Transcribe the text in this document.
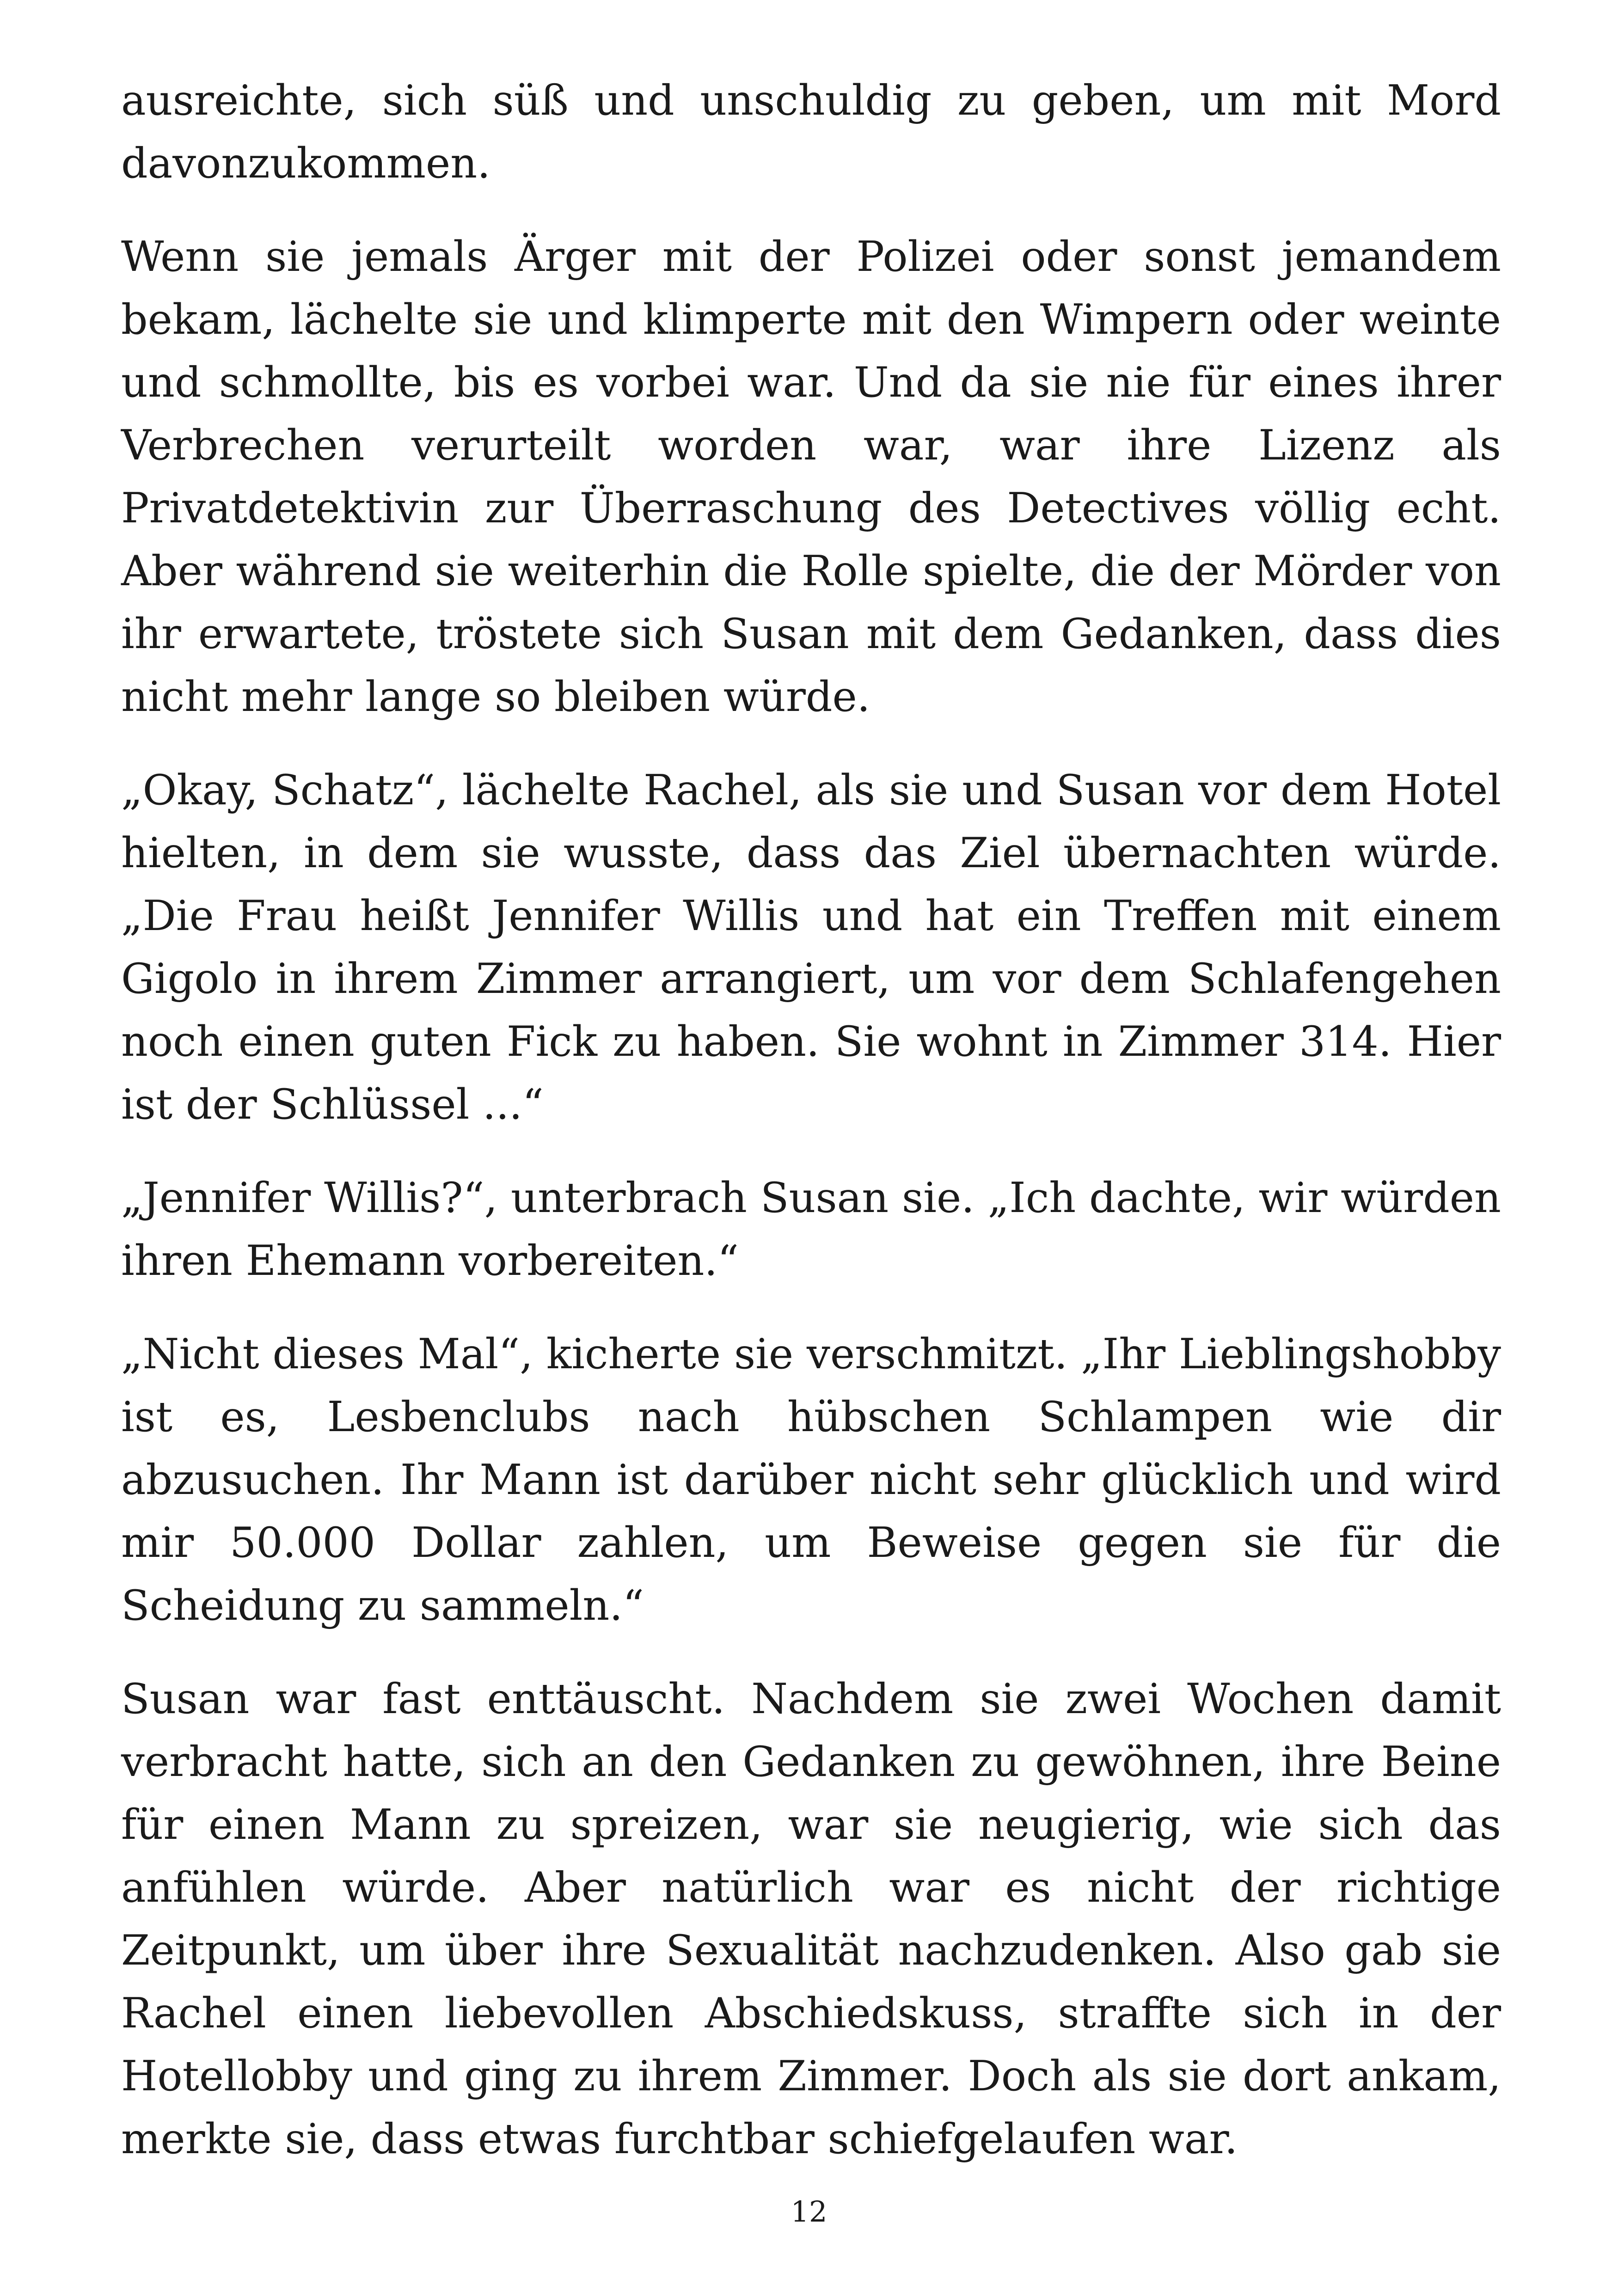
ausreichte, sich süß und unschuldig zu geben, um mit Mord davonzukommen.

Wenn sie jemals Ärger mit der Polizei oder sonst jemandem bekam, lächelte sie und klimperte mit den Wimpern oder weinte und schmollte, bis es vorbei war. Und da sie nie für eines ihrer Verbrechen verurteilt worden war, war ihre Lizenz als Privatdetektivin zur Überraschung des Detectives völlig echt. Aber während sie weiterhin die Rolle spielte, die der Mörder von ihr erwartete, tröstete sich Susan mit dem Gedanken, dass dies nicht mehr lange so bleiben würde.

„Okay, Schatz“, lächelte Rachel, als sie und Susan vor dem Hotel hielten, in dem sie wusste, dass das Ziel übernachten würde. „Die Frau heißt Jennifer Willis und hat ein Treffen mit einem Gigolo in ihrem Zimmer arrangiert, um vor dem Schlafengehen noch einen guten Fick zu haben. Sie wohnt in Zimmer 314. Hier ist der Schlüssel ...“

„Jennifer Willis?“, unterbrach Susan sie. „Ich dachte, wir würden ihren Ehemann vorbereiten.“

„Nicht dieses Mal“, kicherte sie verschmitzt. „Ihr Lieblingshobby ist es, Lesbenclubs nach hübschen Schlampen wie dir abzusuchen. Ihr Mann ist darüber nicht sehr glücklich und wird mir 50.000 Dollar zahlen, um Beweise gegen sie für die Scheidung zu sammeln.“

Susan war fast enttäuscht. Nachdem sie zwei Wochen damit verbracht hatte, sich an den Gedanken zu gewöhnen, ihre Beine für einen Mann zu spreizen, war sie neugierig, wie sich das anfühlen würde. Aber natürlich war es nicht der richtige Zeitpunkt, um über ihre Sexualität nachzudenken. Also gab sie Rachel einen liebevollen Abschiedskuss, straffte sich in der Hotellobby und ging zu ihrem Zimmer. Doch als sie dort ankam, merkte sie, dass etwas furchtbar schiefgelaufen war.

12
